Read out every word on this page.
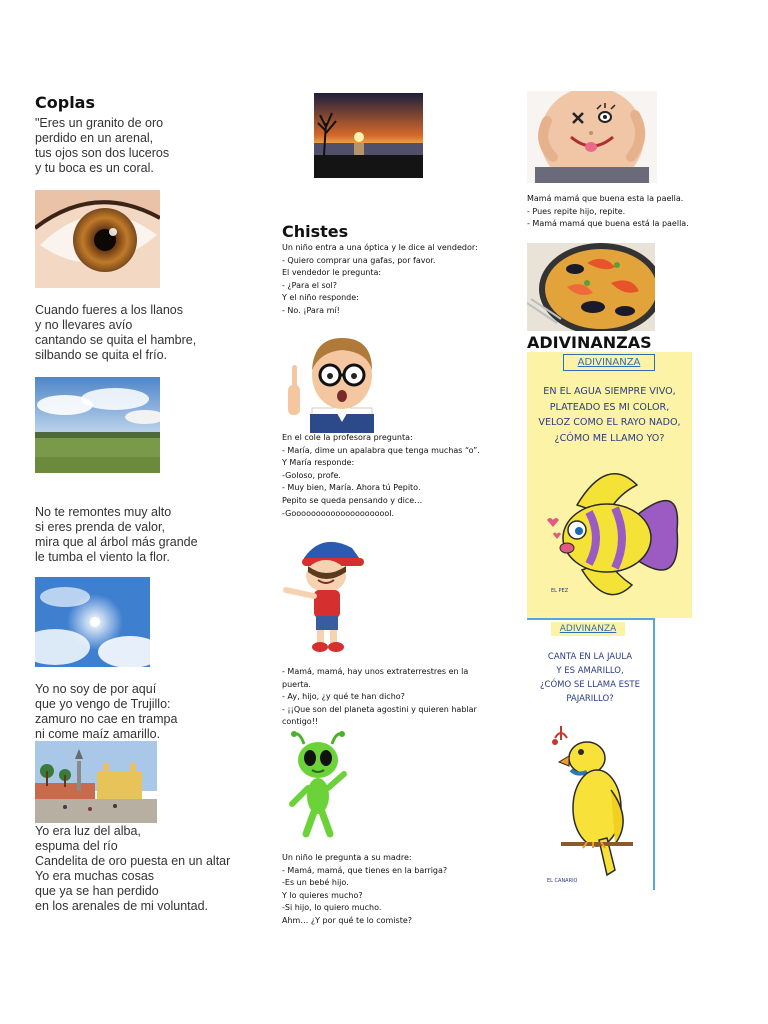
Coplas
"Eres un granito de oro
perdido en un arenal,
tus ojos son dos luceros
y tu boca es un coral.
Cuando fueres a los llanos
y no llevares avío
cantando se quita el hambre,
silbando se quita el frío.
No te remontes muy alto
si eres prenda de valor,
mira que al árbol más grande
le tumba el viento la flor.
Yo no soy de por aquí
que yo vengo de Trujillo:
zamuro no cae en trampa
ni come maíz amarillo.
Yo era luz del alba,
espuma del río
Candelita de oro puesta en un altar
Yo era muchas cosas
que ya se han perdido
en los arenales de mi voluntad.
Chistes
Un niño entra a una óptica y le dice al vendedor:
- Quiero comprar una gafas, por favor.
El vendedor le pregunta:
- ¿Para el sol?
Y el niño responde:
- No. ¡Para mí!
En el cole la profesora pregunta:
- María, dime un apalabra que tenga muchas “o”.
Y María responde:
-Goloso, profe.
- Muy bien, María. Ahora tú Pepito.
Pepito se queda pensando y dice…
-Gooooooooooooooooooool.
- Mamá, mamá, hay unos extraterrestres en la
puerta.
- Ay, hijo, ¿y qué te han dicho?
- ¡¡Que son del planeta agostini y quieren hablar
contigo!!
Un niño le pregunta a su madre:
- Mamá, mamá, que tienes en la barriga?
-Es un bebé hijo.
Y lo quieres mucho?
-Si hijo, lo quiero mucho.
Ahm… ¿Y por qué te lo comiste?
Mamá mamá que buena esta la paella.
- Pues repite hijo, repite.
- Mamá mamá que buena está la paella.
ADIVINANZAS
ADIVINANZA
EN EL AGUA SIEMPRE VIVO,
PLATEADO ES MI COLOR,
VELOZ COMO EL RAYO NADO,
¿CÓMO ME LLAMO YO?
EL PEZ
ADIVINANZA
CANTA EN LA JAULA
Y ES AMARILLO,
¿CÓMO SE LLAMA ESTE
PAJARILLO?
EL CANARIO
